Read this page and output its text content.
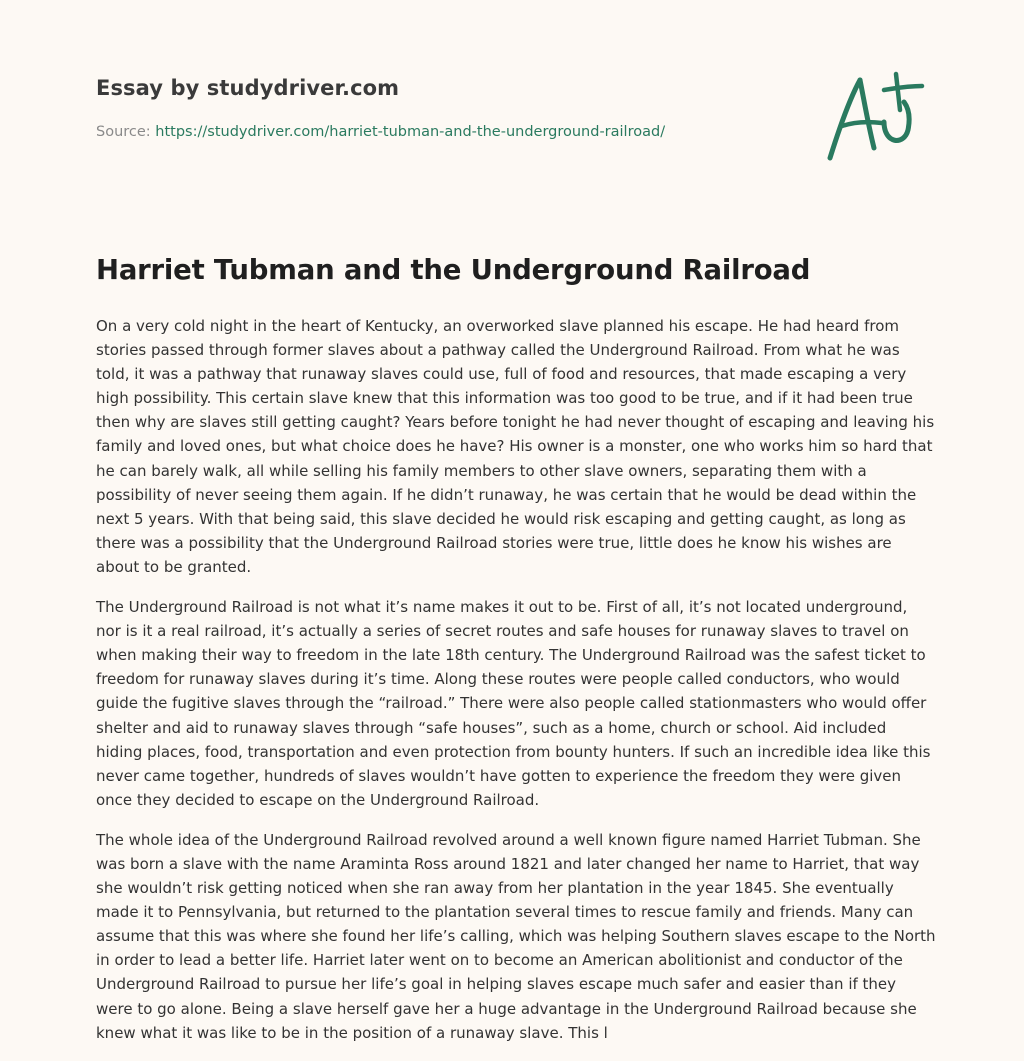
Essay by studydriver.com
Source: https://studydriver.com/harriet-tubman-and-the-underground-railroad/
Harriet Tubman and the Underground Railroad

On a very cold night in the heart of Kentucky, an overworked slave planned his escape. He had heard from stories passed through former slaves about a pathway called the Underground Railroad. From what he was told, it was a pathway that runaway slaves could use, full of food and resources, that made escaping a very high possibility. This certain slave knew that this information was too good to be true, and if it had been true then why are slaves still getting caught? Years before tonight he had never thought of escaping and leaving his family and loved ones, but what choice does he have? His owner is a monster, one who works him so hard that he can barely walk, all while selling his family members to other slave owners, separating them with a possibility of never seeing them again. If he didn’t runaway, he was certain that he would be dead within the next 5 years. With that being said, this slave decided he would risk escaping and getting caught, as long as there was a possibility that the Underground Railroad stories were true, little does he know his wishes are about to be granted.

The Underground Railroad is not what it’s name makes it out to be. First of all, it’s not located underground, nor is it a real railroad, it’s actually a series of secret routes and safe houses for runaway slaves to travel on when making their way to freedom in the late 18th century. The Underground Railroad was the safest ticket to freedom for runaway slaves during it’s time. Along these routes were people called conductors, who would guide the fugitive slaves through the “railroad.” There were also people called stationmasters who would offer shelter and aid to runaway slaves through “safe houses”, such as a home, church or school. Aid included hiding places, food, transportation and even protection from bounty hunters. If such an incredible idea like this never came together, hundreds of slaves wouldn’t have gotten to experience the freedom they were given once they decided to escape on the Underground Railroad.

The whole idea of the Underground Railroad revolved around a well known figure named Harriet Tubman. She was born a slave with the name Araminta Ross around 1821 and later changed her name to Harriet, that way she wouldn’t risk getting noticed when she ran away from her plantation in the year 1845. She eventually made it to Pennsylvania, but returned to the plantation several times to rescue family and friends. Many can assume that this was where she found her life’s calling, which was helping Southern slaves escape to the North in order to lead a better life. Harriet later went on to become an American abolitionist and conductor of the Underground Railroad to pursue her life’s goal in helping slaves escape much safer and easier than if they were to go alone. Being a slave herself gave her a huge advantage in the Underground Railroad because she knew what it was like to be in the position of a runaway slave. This l
